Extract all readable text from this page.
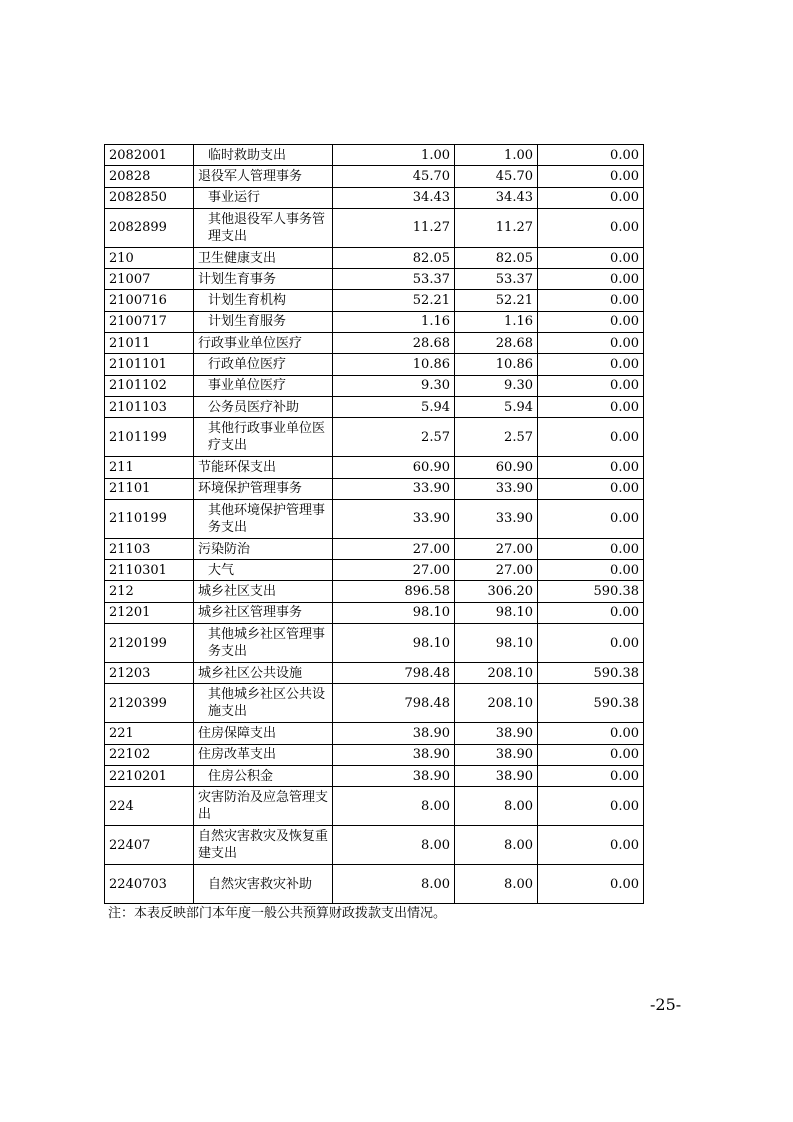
2082001	临时救助支出	1.00	1.00	0.00
20828	退役军人管理事务	45.70	45.70	0.00
2082850	事业运行	34.43	34.43	0.00
2082899	其他退役军人事务管理支出	11.27	11.27	0.00
210	卫生健康支出	82.05	82.05	0.00
21007	计划生育事务	53.37	53.37	0.00
2100716	计划生育机构	52.21	52.21	0.00
2100717	计划生育服务	1.16	1.16	0.00
21011	行政事业单位医疗	28.68	28.68	0.00
2101101	行政单位医疗	10.86	10.86	0.00
2101102	事业单位医疗	9.30	9.30	0.00
2101103	公务员医疗补助	5.94	5.94	0.00
2101199	其他行政事业单位医疗支出	2.57	2.57	0.00
211	节能环保支出	60.90	60.90	0.00
21101	环境保护管理事务	33.90	33.90	0.00
2110199	其他环境保护管理事务支出	33.90	33.90	0.00
21103	污染防治	27.00	27.00	0.00
2110301	大气	27.00	27.00	0.00
212	城乡社区支出	896.58	306.20	590.38
21201	城乡社区管理事务	98.10	98.10	0.00
2120199	其他城乡社区管理事务支出	98.10	98.10	0.00
21203	城乡社区公共设施	798.48	208.10	590.38
2120399	其他城乡社区公共设施支出	798.48	208.10	590.38
221	住房保障支出	38.90	38.90	0.00
22102	住房改革支出	38.90	38.90	0.00
2210201	住房公积金	38.90	38.90	0.00
224	灾害防治及应急管理支出	8.00	8.00	0.00
22407	自然灾害救灾及恢复重建支出	8.00	8.00	0.00
2240703	自然灾害救灾补助	8.00	8.00	0.00
注：本表反映部门本年度一般公共预算财政拨款支出情况。
-25-
